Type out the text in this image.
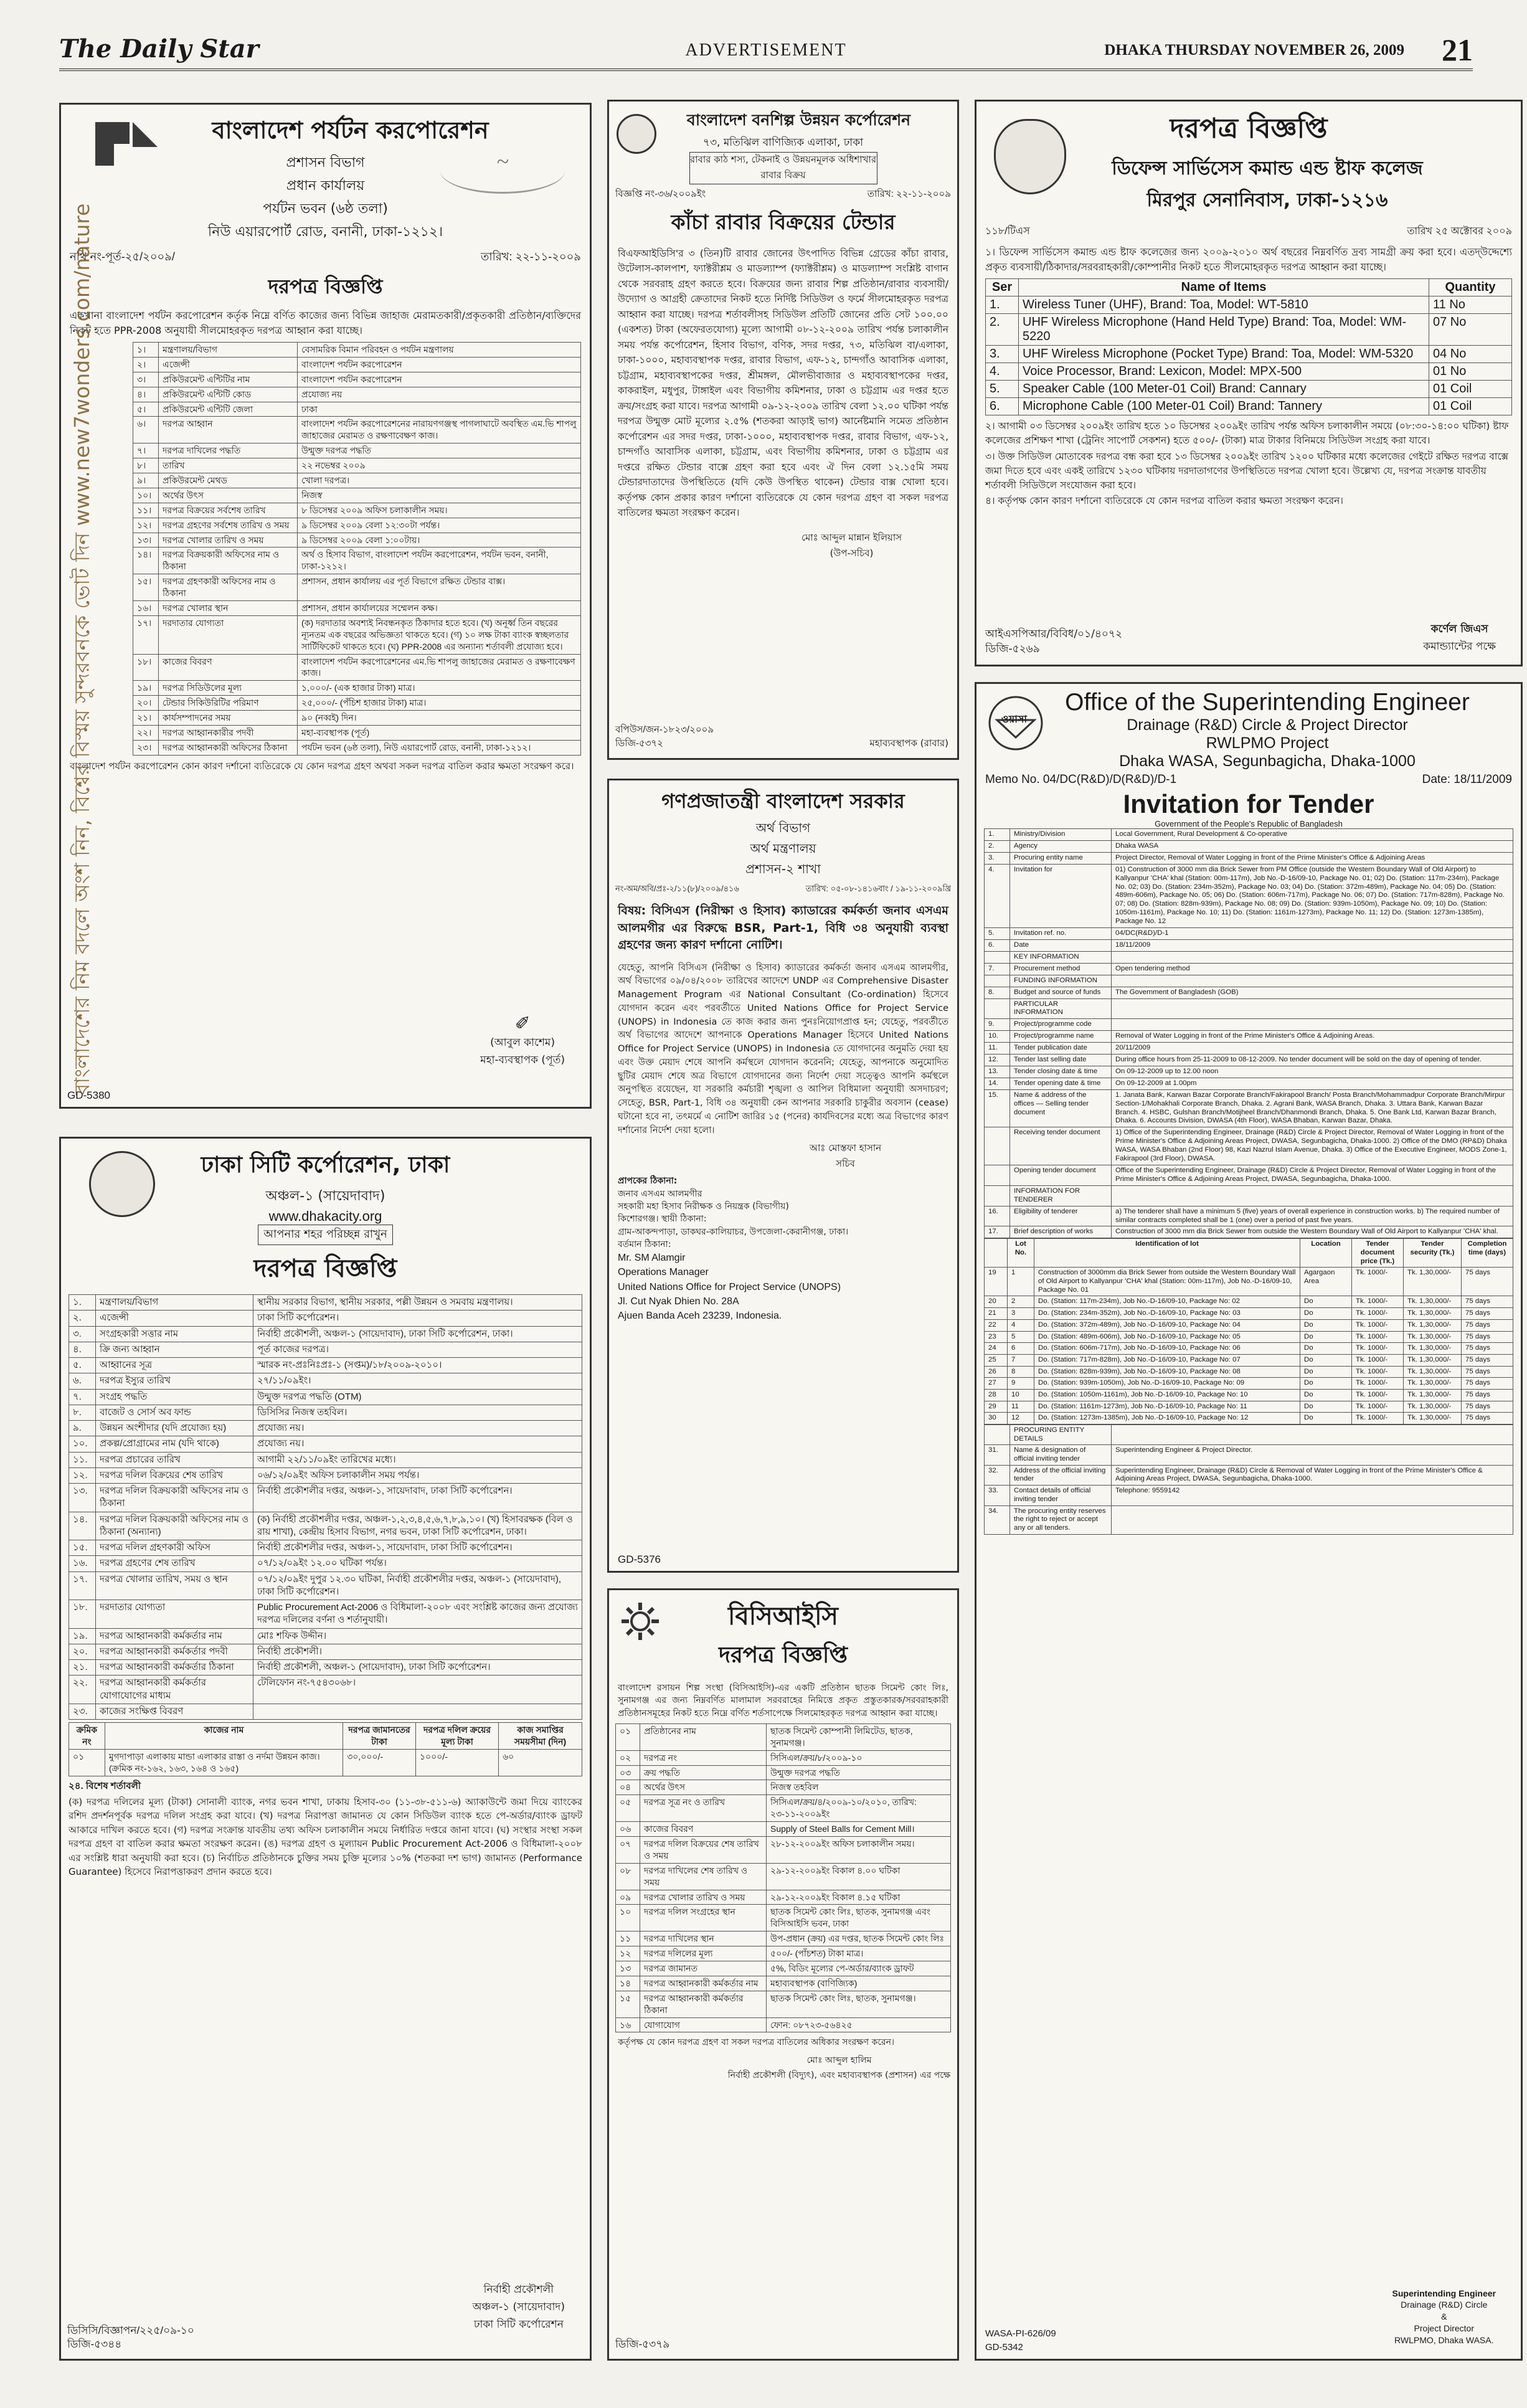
The Daily Star	ADVERTISEMENT	DHAKA THURSDAY NOVEMBER 26, 2009 21
~
বাংলাদেশ পর্যটন করপোরেশন
প্রশাসন বিভাগ
প্রধান কার্যালয়
পর্যটন ভবন (৬ষ্ঠ তলা)
নিউ এয়ারপোর্ট রোড, বনানী, ঢাকা-১২১২।
নথি নং-পূর্ত-২৫/২০০৯/	তারিখ: ২২-১১-২০০৯
দরপত্র বিজ্ঞপ্তি

একখানা বাংলাদেশ পর্যটন করপোরেশন কর্তৃক নিম্নে বর্ণিত কাজের জন্য বিভিন্ন জাহাজ মেরামতকারী/প্রকৃতকারী প্রতিষ্ঠান/ব্যক্তিদের নিকট হতে PPR-2008 অনুযায়ী সীলমোহরকৃত দরপত্র আহ্বান করা যাচ্ছে।

১।	মন্ত্রণালয়/বিভাগ	বেসামরিক বিমান পরিবহন ও পর্যটন মন্ত্রণালয়
২।	এজেন্সী	বাংলাদেশ পর্যটন করপোরেশন
৩।	প্রকিউরমেন্ট এন্টিটির নাম	বাংলাদেশ পর্যটন করপোরেশন
৪।	প্রকিউরমেন্ট এন্টিটি কোড	প্রযোজ্য নয়
৫।	প্রকিউরমেন্ট এন্টিটি জেলা	ঢাকা
৬।	দরপত্র আহ্বান	বাংলাদেশ পর্যটন করপোরেশনের নারায়ণগঞ্জস্থ পাগলাঘাটে অবস্থিত এম.ভি শাপলু জাহাজের মেরামত ও রক্ষণাবেক্ষণ কাজ।
৭।	দরপত্র দাখিলের পদ্ধতি	উন্মুক্ত দরপত্র পদ্ধতি
৮।	তারিখ	২২ নভেম্বর ২০০৯
৯।	প্রকিউরমেন্ট মেথড	খোলা দরপত্র।
১০।	অর্থের উৎস	নিজস্ব
১১।	দরপত্র বিক্রয়ের সর্বশেষ তারিখ	৮ ডিসেম্বর ২০০৯ অফিস চলাকালীন সময়।
১২।	দরপত্র গ্রহণের সর্বশেষ তারিখ ও সময়	৯ ডিসেম্বর ২০০৯ বেলা ১২:৩০টা পর্যন্ত।
১৩।	দরপত্র খোলার তারিখ ও সময়	৯ ডিসেম্বর ২০০৯ বেলা ১:০০টায়।
১৪।	দরপত্র বিক্রয়কারী অফিসের নাম ও ঠিকানা	অর্থ ও হিসাব বিভাগ, বাংলাদেশ পর্যটন করপোরেশন, পর্যটন ভবন, বনানী, ঢাকা-১২১২।
১৫।	দরপত্র গ্রহণকারী অফিসের নাম ও ঠিকানা	প্রশাসন, প্রধান কার্যালয় এর পূর্ত বিভাগে রক্ষিত টেন্ডার বাক্স।
১৬।	দরপত্র খোলার স্থান	প্রশাসন, প্রধান কার্যালয়ের সম্মেলন কক্ষ।
১৭।	দরদাতার যোগ্যতা	(ক) দরদাতার অবশ্যই নিবন্ধনকৃত ঠিকাদার হতে হবে। (খ) অনূর্ধ্ব তিন বছরের ন্যূনতম এক বছরের অভিজ্ঞতা থাকতে হবে। (গ) ১০ লক্ষ টাকা ব্যাংক স্বচ্ছলতার সার্টিফিকেট থাকতে হবে। (ঘ) PPR-2008 এর অন্যান্য শর্তাবলী প্রযোজ্য হবে।
১৮।	কাজের বিবরণ	বাংলাদেশ পর্যটন করপোরেশনের এম.ভি শাপলু জাহাজের মেরামত ও রক্ষণাবেক্ষণ কাজ।
১৯।	দরপত্র সিডিউলের মূল্য	১,০০০/- (এক হাজার টাকা) মাত্র।
২০।	টেন্ডার সিকিউরিটির পরিমাণ	২৫,০০০/- (পঁচিশ হাজার টাকা) মাত্র।
২১।	কার্যসম্পাদনের সময়	৯০ (নব্বই) দিন।
২২।	দরপত্র আহ্বানকারীর পদবী	মহা-ব্যবস্থাপক (পূর্ত)
২৩।	দরপত্র আহ্বানকারী অফিসের ঠিকানা	পর্যটন ভবন (৬ষ্ঠ তলা), নিউ এয়ারপোর্ট রোড, বনানী, ঢাকা-১২১২।

বাংলাদেশ পর্যটন করপোরেশন কোন কারণ দর্শানো ব্যতিরেকে যে কোন দরপত্র গ্রহণ অথবা সকল দরপত্র বাতিল করার ক্ষমতা সংরক্ষণ করে।

✐
(আবুল কাশেম)
মহা-ব্যবস্থাপক (পূর্ত)
GD-5380
বাংলাদেশের নিম বদলে অংশ নিন, বিশ্বের বিস্ময় সুন্দরবনকে ভোট দিন www.new7wonders.com/nature
ঢাকা সিটি কর্পোরেশন, ঢাকা
অঞ্চল-১ (সায়েদাবাদ)
www.dhakacity.org
আপনার শহর পরিচ্ছন্ন রাখুন
দরপত্র বিজ্ঞপ্তি
১.	মন্ত্রণালয়/বিভাগ	স্থানীয় সরকার বিভাগ, স্থানীয় সরকার, পল্লী উন্নয়ন ও সমবায় মন্ত্রণালয়।
২.	এজেন্সী	ঢাকা সিটি কর্পোরেশন।
৩.	সংগ্রহকারী সত্তার নাম	নির্বাহী প্রকৌশলী, অঞ্চল-১ (সায়েদাবাদ), ঢাকা সিটি কর্পোরেশন, ঢাকা।
৪.	ক্রি জন্য আহ্বান	পূর্ত কাজের দরপত্র।
৫.	আহ্বানের সূত্র	স্মারক নং-প্রঃনিঃপ্রঃ-১ (সপ্তম)/১৮/২০০৯-২০১০।
৬.	দরপত্র ইস্যুর তারিখ	২৭/১১/০৯ইং।
৭.	সংগ্রহ পদ্ধতি	উন্মুক্ত দরপত্র পদ্ধতি (OTM)
৮.	বাজেট ও সোর্স অব ফান্ড	ডিসিসির নিজস্ব তহবিল।
৯.	উন্নয়ন অংশীদার (যদি প্রযোজ্য হয়)	প্রযোজ্য নয়।
১০.	প্রকল্প/প্রোগ্রামের নাম (যদি থাকে)	প্রযোজ্য নয়।
১১.	দরপত্র প্রচারের তারিখ	আগামী ২২/১১/০৯ইং তারিখের মধ্যে।
১২.	দরপত্র দলিল বিক্রয়ের শেষ তারিখ	০৬/১২/০৯ইং অফিস চলাকালীন সময় পর্যন্ত।
১৩.	দরপত্র দলিল বিক্রয়কারী অফিসের নাম ও ঠিকানা	নির্বাহী প্রকৌশলীর দপ্তর, অঞ্চল-১, সায়েদাবাদ, ঢাকা সিটি কর্পোরেশন।
১৪.	দরপত্র দলিল বিক্রয়কারী অফিসের নাম ও ঠিকানা (অন্যান্য)	(ক) নির্বাহী প্রকৌশলীর দপ্তর, অঞ্চল-১,২,৩,৪,৫,৬,৭,৮,৯,১০। (খ) হিসাবরক্ষক (বিল ও রায় শাখা), কেন্দ্রীয় হিসাব বিভাগ, নগর ভবন, ঢাকা সিটি কর্পোরেশন, ঢাকা।
১৫.	দরপত্র দলিল গ্রহণকারী অফিস	নির্বাহী প্রকৌশলীর দপ্তর, অঞ্চল-১, সায়েদাবাদ, ঢাকা সিটি কর্পোরেশন।
১৬.	দরপত্র গ্রহণের শেষ তারিখ	০৭/১২/০৯ইং ১২.০০ ঘটিকা পর্যন্ত।
১৭.	দরপত্র খোলার তারিখ, সময় ও স্থান	০৭/১২/০৯ইং দুপুর ১২.৩০ ঘটিকা, নির্বাহী প্রকৌশলীর দপ্তর, অঞ্চল-১ (সায়েদাবাদ), ঢাকা সিটি কর্পোরেশন।
১৮.	দরদাতার যোগ্যতা	Public Procurement Act-2006 ও বিধিমালা-২০০৮ এবং সংশ্লিষ্ট কাজের জন্য প্রযোজ্য দরপত্র দলিলের বর্ণনা ও শর্তানুযায়ী।
১৯.	দরপত্র আহ্বানকারী কর্মকর্তার নাম	মোঃ শফিক উদ্দীন।
২০.	দরপত্র আহ্বানকারী কর্মকর্তার পদবী	নির্বাহী প্রকৌশলী।
২১.	দরপত্র আহ্বানকারী কর্মকর্তার ঠিকানা	নির্বাহী প্রকৌশলী, অঞ্চল-১ (সায়েদাবাদ), ঢাকা সিটি কর্পোরেশন।
২২.	দরপত্র আহ্বানকারী কর্মকর্তার যোগাযোগের মাধ্যম	টেলিফোন নং-৭৫৪৩০৬৮।
২৩.	কাজের সংক্ষিপ্ত বিবরণ	
ক্রমিক নং	কাজের নাম	দরপত্র জামানতের টাকা	দরপত্র দলিল ক্রয়ের মূল্য টাকা	কাজ সমাপ্তির সময়সীমা (দিন)
০১	মুগদাপাড়া এলাকায় মান্ডা এলাকার রাস্তা ও নর্দমা উন্নয়ন কাজ। (ক্রমিক নং-১৬২, ১৬৩, ১৬৪ ও ১৬৫)	৩০,০০০/-	১০০০/-	৬০
২৪. বিশেষ শর্তাবলী

(ক) দরপত্র দলিলের মূল্য (টাকা) সোনালী ব্যাংক, নগর ভবন শাখা, ঢাকায় হিসাব-৩০ (১১-৩৮-৫১১-৬) অ্যাকাউন্টে জমা দিয়ে ব্যাংকের রশিদ প্রদর্শনপূর্বক দরপত্র দলিল সংগ্রহ করা যাবে। (খ) দরপত্র নিরাপত্তা জামানত যে কোন সিডিউল ব্যাংক হতে পে-অর্ডার/ব্যাংক ড্রাফট আকারে দাখিল করতে হবে। (গ) দরপত্র সংক্রান্ত যাবতীয় তথ্য অফিস চলাকালীন সময়ে নির্ধারিত দপ্তরে জানা যাবে। (ঘ) সংস্থার সংস্থা সকল দরপত্র গ্রহণ বা বাতিল করার ক্ষমতা সংরক্ষণ করেন। (ঙ) দরপত্র গ্রহণ ও মূল্যায়ন Public Procurement Act-2006 ও বিধিমালা-২০০৮ এর সংশ্লিষ্ট ধারা অনুযায়ী করা হবে। (চ) নির্বাচিত প্রতিষ্ঠানকে চুক্তির সময় চুক্তি মূল্যের ১০% (শতকরা দশ ভাগ) জামানত (Performance Guarantee) হিসেবে নিরাপত্তাকরণ প্রদান করতে হবে।

নির্বাহী প্রকৌশলী
অঞ্চল-১ (সায়েদাবাদ)
ঢাকা সিটি কর্পোরেশন
ডিসিসি/বিজ্ঞাপন/২২৫/০৯-১০
ডিজি-৫৩৪৪
বাংলাদেশ বনশিল্প উন্নয়ন কর্পোরেশন
৭৩, মতিঝিল বাণিজ্যিক এলাকা, ঢাকা
রাবার কাঠ শস্য, টেকনাই ও উন্নয়নমূলক অধিশাখার রাবার বিক্রয়
বিজ্ঞপ্তি নং-৩৬/২০০৯ইং	তারিখ: ২২-১১-২০০৯
কাঁচা রাবার বিক্রয়ের টেন্ডার

বিএফআইডিসি'র ৩ (তিন)টি রাবার জোনের উৎপাদিত বিভিন্ন গ্রেডের কাঁচা রাবার, উটেলাস-কালপাশ, ফ্যাক্টরীশ্লম ও মাডল্যাম্প (ফ্যাক্টরীশ্লম) ও মাডল্যাম্প সংশ্লিষ্ট বাগান থেকে সরবরাহ গ্রহণ করতে হবে। বিক্রয়ের জন্য রাবার শিল্প প্রতিষ্ঠান/রাবার ব্যবসায়ী/উদ্যোগ ও আগ্রহী ক্রেতাদের নিকট হতে নির্দিষ্ট সিডিউল ও ফর্মে সীলমোহরকৃত দরপত্র আহ্বান করা যাচ্ছে। দরপত্র শর্তাবলীসহ সিডিউল প্রতিটি জোনের প্রতি সেট ১০০.০০ (একশত) টাকা (অফেরতযোগ্য) মূল্যে আগামী ০৮-১২-২০০৯ তারিখ পর্যন্ত চলাকালীন সময় পর্যন্ত কর্পোরেশন, হিসাব বিভাগ, বণিক, সদর দপ্তর, ৭৩, মতিঝিল বা/এলাকা, ঢাকা-১০০০, মহাব্যবস্থাপক দপ্তর, রাবার বিভাগ, এফ-১২, চান্দগাঁও আবাসিক এলাকা, চট্টগ্রাম, মহাব্যবস্থাপকের দপ্তর, শ্রীমঙ্গল, মৌলভীবাজার ও মহাব্যবস্থাপকের দপ্তর, কাকরাইল, মধুপুর, টাঙ্গাইল এবং বিভাগীয় কমিশনার, ঢাকা ও চট্টগ্রাম এর দপ্তর হতে ক্রয়/সংগ্রহ করা যাবে। দরপত্র আগামী ০৯-১২-২০০৯ তারিখ বেলা ১২.০০ ঘটিকা পর্যন্ত দরপত্র উন্মুক্ত মোট মূল্যের ২.৫% (শতকরা আড়াই ভাগ) আর্নেষ্টমানি সমেত প্রতিষ্ঠান কর্পোরেশন এর সদর দপ্তর, ঢাকা-১০০০, মহাব্যবস্থাপক দপ্তর, রাবার বিভাগ, এফ-১২, চান্দগাঁও আবাসিক এলাকা, চট্টগ্রাম, এবং বিভাগীয় কমিশনার, ঢাকা ও চট্টগ্রাম এর দপ্তরে রক্ষিত টেন্ডার বাক্সে গ্রহণ করা হবে এবং ঐ দিন বেলা ১২.১৫মি সময় টেন্ডারদাতাদের উপস্থিতিতে (যদি কেউ উপস্থিত থাকেন) টেন্ডার বাক্স খোলা হবে। কর্তৃপক্ষ কোন প্রকার কারণ দর্শানো ব্যতিরেকে যে কোন দরপত্র গ্রহণ বা সকল দরপত্র বাতিলের ক্ষমতা সংরক্ষণ করেন।

মোঃ আব্দুল মান্নান ইলিয়াস
(উপ-সচিব)
বপিউস/জন-১৮২৩/২০০৯
ডিজি-৫৩৭২	মহাব্যবস্থাপক (রাবার)
গণপ্রজাতন্ত্রী বাংলাদেশ সরকার
অর্থ বিভাগ
অর্থ মন্ত্রণালয়
প্রশাসন-২ শাখা
নং-অম/অবি/প্রঃ-২/১১(৮)/২০০৯/৪১৬	তারিখ: ০৫-০৮-১৪১৬বাং / ১৯-১১-২০০৯খ্রি

বিষয়: বিসিএস (নিরীক্ষা ও হিসাব) ক্যাডারের কর্মকর্তা জনাব এসএম আলমগীর এর বিরুদ্ধে BSR, Part-1, বিধি ৩৪ অনুযায়ী ব্যবস্থা গ্রহণের জন্য কারণ দর্শানো নোটিশ।

যেহেতু, আপনি বিসিএস (নিরীক্ষা ও হিসাব) ক্যাডারের কর্মকর্তা জনাব এসএম আলমগীর, অর্থ বিভাগের ০৯/০৪/২০০৮ তারিখের আদেশে UNDP এর Comprehensive Disaster Management Program এর National Consultant (Co-ordination) হিসেবে যোগদান করেন এবং পরবর্তীতে United Nations Office for Project Service (UNOPS) in Indonesia তে কাজ করার জন্য পুনঃনিয়োগপ্রাপ্ত হন; যেহেতু, পরবর্তীতে অর্থ বিভাগের আদেশে আপনাকে Operations Manager হিসেবে United Nations Office for Project Service (UNOPS) in Indonesia তে যোগদানের অনুমতি দেয়া হয় এবং উক্ত মেয়াদ শেষে আপনি কর্মস্থলে যোগদান করেননি; যেহেতু, আপনাকে অনুমোদিত ছুটির মেয়াদ শেষে অত্র বিভাগে যোগদানের জন্য নির্দেশ দেয়া সত্ত্বেও আপনি কর্মস্থলে অনুপস্থিত রয়েছেন, যা সরকারি কর্মচারী শৃঙ্খলা ও আপিল বিধিমালা অনুযায়ী অসদাচরণ; সেহেতু, BSR, Part-1, বিধি ৩৪ অনুযায়ী কেন আপনার সরকারি চাকুরীর অবসান (cease) ঘটানো হবে না, তৎমর্মে এ নোটিশ জারির ১৫ (পনের) কার্যদিবসের মধ্যে অত্র বিভাগের কারণ দর্শানোর নির্দেশ দেয়া হলো।

আঃ মোস্তফা হাসান
সচিব
প্রাপকের ঠিকানা:
জনাব এসএম আলমগীর
সহকারী মহা হিসাব নিরীক্ষক ও নিয়ন্ত্রক (বিভাগীয়)
কিশোরগঞ্জ। স্থায়ী ঠিকানা:
গ্রাম-আকন্দপাড়া, ডাকঘর-কালিয়াচর, উপজেলা-কেরানীগঞ্জ, ঢাকা।
বর্তমান ঠিকানা:
Mr. SM Alamgir
Operations Manager
United Nations Office for Project Service (UNOPS)
Jl. Cut Nyak Dhien No. 28A
Ajuen Banda Aceh 23239, Indonesia.
GD-5376
বিসিআইসি
দরপত্র বিজ্ঞপ্তি

বাংলাদেশ রসায়ন শিল্প সংস্থা (বিসিআইসি)-এর একটি প্রতিষ্ঠান ছাতক সিমেন্ট কোং লিঃ, সুনামগঞ্জ এর জন্য নিম্নবর্ণিত মালামাল সরবরাহের নিমিত্তে প্রকৃত প্রস্তুতকারক/সরবরাহকারী প্রতিষ্ঠানসমূহের নিকট হতে নিম্নে বর্ণিত শর্তসাপেক্ষে সিলমোহরকৃত দরপত্র আহ্বান করা যাচ্ছে।

০১	প্রতিষ্ঠানের নাম	ছাতক সিমেন্ট কোম্পানী লিমিটেড, ছাতক, সুনামগঞ্জ।
০২	দরপত্র নং	সিসিএল/ক্রয়/৮/২০০৯-১০
০৩	ক্রয় পদ্ধতি	উন্মুক্ত দরপত্র পদ্ধতি
০৪	অর্থের উৎস	নিজস্ব তহবিল
০৫	দরপত্র সূত্র নং ও তারিখ	সিসিএল/ক্রয়/৪/২০০৯-১০/২০১০, তারিখ: ২৩-১১-২০০৯ইং
০৬	কাজের বিবরণ	Supply of Steel Balls for Cement Mill।
০৭	দরপত্র দলিল বিক্রয়ের শেষ তারিখ ও সময়	২৮-১২-২০০৯ইং অফিস চলাকালীন সময়।
০৮	দরপত্র দাখিলের শেষ তারিখ ও সময়	২৯-১২-২০০৯ইং বিকাল ৪.০০ ঘটিকা
০৯	দরপত্র খোলার তারিখ ও সময়	২৯-১২-২০০৯ইং বিকাল ৪.১৫ ঘটিকা
১০	দরপত্র দলিল সংগ্রহের স্থান	ছাতক সিমেন্ট কোং লিঃ, ছাতক, সুনামগঞ্জ এবং বিসিআইসি ভবন, ঢাকা
১১	দরপত্র দাখিলের স্থান	উপ-প্রধান (ক্রয়) এর দপ্তর, ছাতক সিমেন্ট কোং লিঃ
১২	দরপত্র দলিলের মূল্য	৫০০/- (পাঁচশত) টাকা মাত্র।
১৩	দরপত্র জামানত	৫%, বিডিং মূল্যের পে-অর্ডার/ব্যাংক ড্রাফট
১৪	দরপত্র আহ্বানকারী কর্মকর্তার নাম	মহাব্যবস্থাপক (বাণিজ্যিক)
১৫	দরপত্র আহ্বানকারী কর্মকর্তার ঠিকানা	ছাতক সিমেন্ট কোং লিঃ, ছাতক, সুনামগঞ্জ।
১৬	যোগাযোগ	ফোন: ০৮৭২৩-৫৬৪২৫

কর্তৃপক্ষ যে কোন দরপত্র গ্রহণ বা সকল দরপত্র বাতিলের অধিকার সংরক্ষণ করেন।

মোঃ আব্দুল হালিম
নির্বাহী প্রকৌশলী (বিদ্যুৎ), এবং মহাব্যবস্থাপক (প্রশাসন) এর পক্ষে
ডিজি-৫৩৭৯
দরপত্র বিজ্ঞপ্তি
ডিফেন্স সার্ভিসেস কমান্ড এন্ড ষ্টাফ কলেজ
মিরপুর সেনানিবাস, ঢাকা-১২১৬
১১৮/টিএস	তারিখ ২৫ অক্টোবর ২০০৯

১। ডিফেন্স সার্ভিসেস কমান্ড এন্ড ষ্টাফ কলেজের জন্য ২০০৯-২০১০ অর্থ বছরের নিম্নবর্ণিত দ্রব্য সামগ্রী ক্রয় করা হবে। এতদ্উদ্দেশ্যে প্রকৃত ব্যবসায়ী/ঠিকাদার/সরবরাহকারী/কোম্পানীর নিকট হতে সীলমোহরকৃত দরপত্র আহ্বান করা যাচ্ছে।

Ser	Name of Items	Quantity
1.	Wireless Tuner (UHF), Brand: Toa, Model: WT-5810	11 No
2.	UHF Wireless Microphone (Hand Held Type) Brand: Toa, Model: WM-5220	07 No
3.	UHF Wireless Microphone (Pocket Type) Brand: Toa, Model: WM-5320	04 No
4.	Voice Processor, Brand: Lexicon, Model: MPX-500	01 No
5.	Speaker Cable (100 Meter-01 Coil) Brand: Cannary	01 Coil
6.	Microphone Cable (100 Meter-01 Coil) Brand: Tannery	01 Coil

২। আগামী ০৩ ডিসেম্বর ২০০৯ইং তারিখ হতে ১০ ডিসেম্বর ২০০৯ইং তারিখ পর্যন্ত অফিস চলাকালীন সময়ে (০৮:৩০-১৪:০০ ঘটিকা) ষ্টাফ কলেজের প্রশিক্ষণ শাখা (ট্রেনিং সাপোর্ট সেকশন) হতে ৫০০/- (টাকা) মাত্র টাকার বিনিময়ে সিডিউল সংগ্রহ করা যাবে।

৩। উক্ত সিডিউল মোতাবেক দরপত্র বন্ধ করা হবে ১৩ ডিসেম্বর ২০০৯ইং তারিখ ১২০০ ঘটিকার মধ্যে কলেজের গেইটে রক্ষিত দরপত্র বাক্সে জমা দিতে হবে এবং একই তারিখে ১২৩০ ঘটিকায় দরদাতাগণের উপস্থিতিতে দরপত্র খোলা হবে। উল্লেখ্য যে, দরপত্র সংক্রান্ত যাবতীয় শর্তাবলী সিডিউলে সংযোজন করা হবে।

৪। কর্তৃপক্ষ কোন কারণ দর্শানো ব্যতিরেকে যে কোন দরপত্র বাতিল করার ক্ষমতা সংরক্ষণ করেন।

আইএসপিআর/বিবিধ/০১/৪০৭২
ডিজি-৫২৬৯
কর্ণেল জিএস
কমান্ড্যান্টের পক্ষে
ওয়াসা
Office of the Superintending Engineer
Drainage (R&D) Circle & Project Director
RWLPMO Project
Dhaka WASA, Segunbagicha, Dhaka-1000
Memo No. 04/DC(R&D)/D(R&D)/D-1	Date: 18/11/2009
Invitation for Tender
Government of the People's Republic of Bangladesh
1.	Ministry/Division	Local Government, Rural Development & Co-operative
2.	Agency	Dhaka WASA
3.	Procuring entity name	Project Director, Removal of Water Logging in front of the Prime Minister's Office & Adjoining Areas
4.	Invitation for	01) Construction of 3000 mm dia Brick Sewer from PM Office (outside the Western Boundary Wall of Old Airport) to Kallyanpur 'CHA' khal (Station: 00m-117m), Job No.-D-16/09-10, Package No. 01; 02) Do. (Station: 117m-234m), Package No. 02; 03) Do. (Station: 234m-352m), Package No. 03; 04) Do. (Station: 372m-489m), Package No. 04; 05) Do. (Station: 489m-606m), Package No. 05; 06) Do. (Station: 606m-717m), Package No. 06; 07) Do. (Station: 717m-828m), Package No. 07; 08) Do. (Station: 828m-939m), Package No. 08; 09) Do. (Station: 939m-1050m), Package No. 09; 10) Do. (Station: 1050m-1161m), Package No. 10; 11) Do. (Station: 1161m-1273m), Package No. 11; 12) Do. (Station: 1273m-1385m), Package No. 12
5.	Invitation ref. no.	04/DC(R&D)/D-1
6.	Date	18/11/2009
	KEY INFORMATION	
7.	Procurement method	Open tendering method
	FUNDING INFORMATION	
8.	Budget and source of funds	The Government of Bangladesh (GOB)
	PARTICULAR INFORMATION	
9.	Project/programme code	
10.	Project/programme name	Removal of Water Logging in front of the Prime Minister's Office & Adjoining Areas.
11.	Tender publication date	20/11/2009
12.	Tender last selling date	During office hours from 25-11-2009 to 08-12-2009. No tender document will be sold on the day of opening of tender.
13.	Tender closing date & time	On 09-12-2009 up to 12.00 noon
14.	Tender opening date & time	On 09-12-2009 at 1.00pm
15.	Name & address of the offices — Selling tender document	1. Janata Bank, Karwan Bazar Corporate Branch/Fakirapool Branch/ Posta Branch/Mohammadpur Corporate Branch/Mirpur Section-1/Mohakhali Corporate Branch, Dhaka. 2. Agrani Bank, WASA Branch, Dhaka. 3. Uttara Bank, Karwan Bazar Branch. 4. HSBC, Gulshan Branch/Motijheel Branch/Dhanmondi Branch, Dhaka. 5. One Bank Ltd, Karwan Bazar Branch, Dhaka. 6. Accounts Division, DWASA (4th Floor), WASA Bhaban, Karwan Bazar, Dhaka.
	Receiving tender document	1) Office of the Superintending Engineer, Drainage (R&D) Circle & Project Director, Removal of Water Logging in front of the Prime Minister's Office & Adjoining Areas Project, DWASA, Segunbagicha, Dhaka-1000. 2) Office of the DMO (RP&D) Dhaka WASA, WASA Bhaban (2nd Floor) 98, Kazi Nazrul Islam Avenue, Dhaka. 3) Office of the Executive Engineer, MODS Zone-1, Fakirapool (3rd Floor), DWASA.
	Opening tender document	Office of the Superintending Engineer, Drainage (R&D) Circle & Project Director, Removal of Water Logging in front of the Prime Minister's Office & Adjoining Areas Project, DWASA, Segunbagicha, Dhaka-1000.
	INFORMATION FOR TENDERER	
16.	Eligibility of tenderer	a) The tenderer shall have a minimum 5 (five) years of overall experience in construction works. b) The required number of similar contracts completed shall be 1 (one) over a period of past five years.
17.	Brief description of works	Construction of 3000 mm dia Brick Sewer from outside the Western Boundary Wall of Old Airport to Kallyanpur 'CHA' khal.
	Lot No.	Identification of lot	Location	Tender document price (Tk.)	Tender security (Tk.)	Completion time (days)
19	1	Construction of 3000mm dia Brick Sewer from outside the Western Boundary Wall of Old Airport to Kallyanpur 'CHA' khal (Station: 00m-117m), Job No.-D-16/09-10, Package No. 01	Agargaon Area	Tk. 1000/-	Tk. 1,30,000/-	75 days
20	2	Do. (Station: 117m-234m), Job No.-D-16/09-10, Package No: 02	Do	Tk. 1000/-	Tk. 1,30,000/-	75 days
21	3	Do. (Station: 234m-352m), Job No.-D-16/09-10, Package No: 03	Do	Tk. 1000/-	Tk. 1,30,000/-	75 days
22	4	Do. (Station: 372m-489m), Job No.-D-16/09-10, Package No: 04	Do	Tk. 1000/-	Tk. 1,30,000/-	75 days
23	5	Do. (Station: 489m-606m), Job No.-D-16/09-10, Package No: 05	Do	Tk. 1000/-	Tk. 1,30,000/-	75 days
24	6	Do. (Station: 606m-717m), Job No.-D-16/09-10, Package No: 06	Do	Tk. 1000/-	Tk. 1,30,000/-	75 days
25	7	Do. (Station: 717m-828m), Job No.-D-16/09-10, Package No: 07	Do	Tk. 1000/-	Tk. 1,30,000/-	75 days
26	8	Do. (Station: 828m-939m), Job No.-D-16/09-10, Package No: 08	Do	Tk. 1000/-	Tk. 1,30,000/-	75 days
27	9	Do. (Station: 939m-1050m), Job No.-D-16/09-10, Package No: 09	Do	Tk. 1000/-	Tk. 1,30,000/-	75 days
28	10	Do. (Station: 1050m-1161m), Job No.-D-16/09-10, Package No: 10	Do	Tk. 1000/-	Tk. 1,30,000/-	75 days
29	11	Do. (Station: 1161m-1273m), Job No.-D-16/09-10, Package No: 11	Do	Tk. 1000/-	Tk. 1,30,000/-	75 days
30	12	Do. (Station: 1273m-1385m), Job No.-D-16/09-10, Package No: 12	Do	Tk. 1000/-	Tk. 1,30,000/-	75 days
	PROCURING ENTITY DETAILS	
31.	Name & designation of official inviting tender	Superintending Engineer & Project Director.
32.	Address of the official inviting tender	Superintending Engineer, Drainage (R&D) Circle & Removal of Water Logging in front of the Prime Minister's Office & Adjoining Areas Project, DWASA, Segunbagicha, Dhaka-1000.
33.	Contact details of official inviting tender	Telephone: 9559142
34.	The procuring entity reserves the right to reject or accept any or all tenders.	
Superintending Engineer
Drainage (R&D) Circle
&
Project Director
RWLPMO, Dhaka WASA.
WASA-PI-626/09
GD-5342
